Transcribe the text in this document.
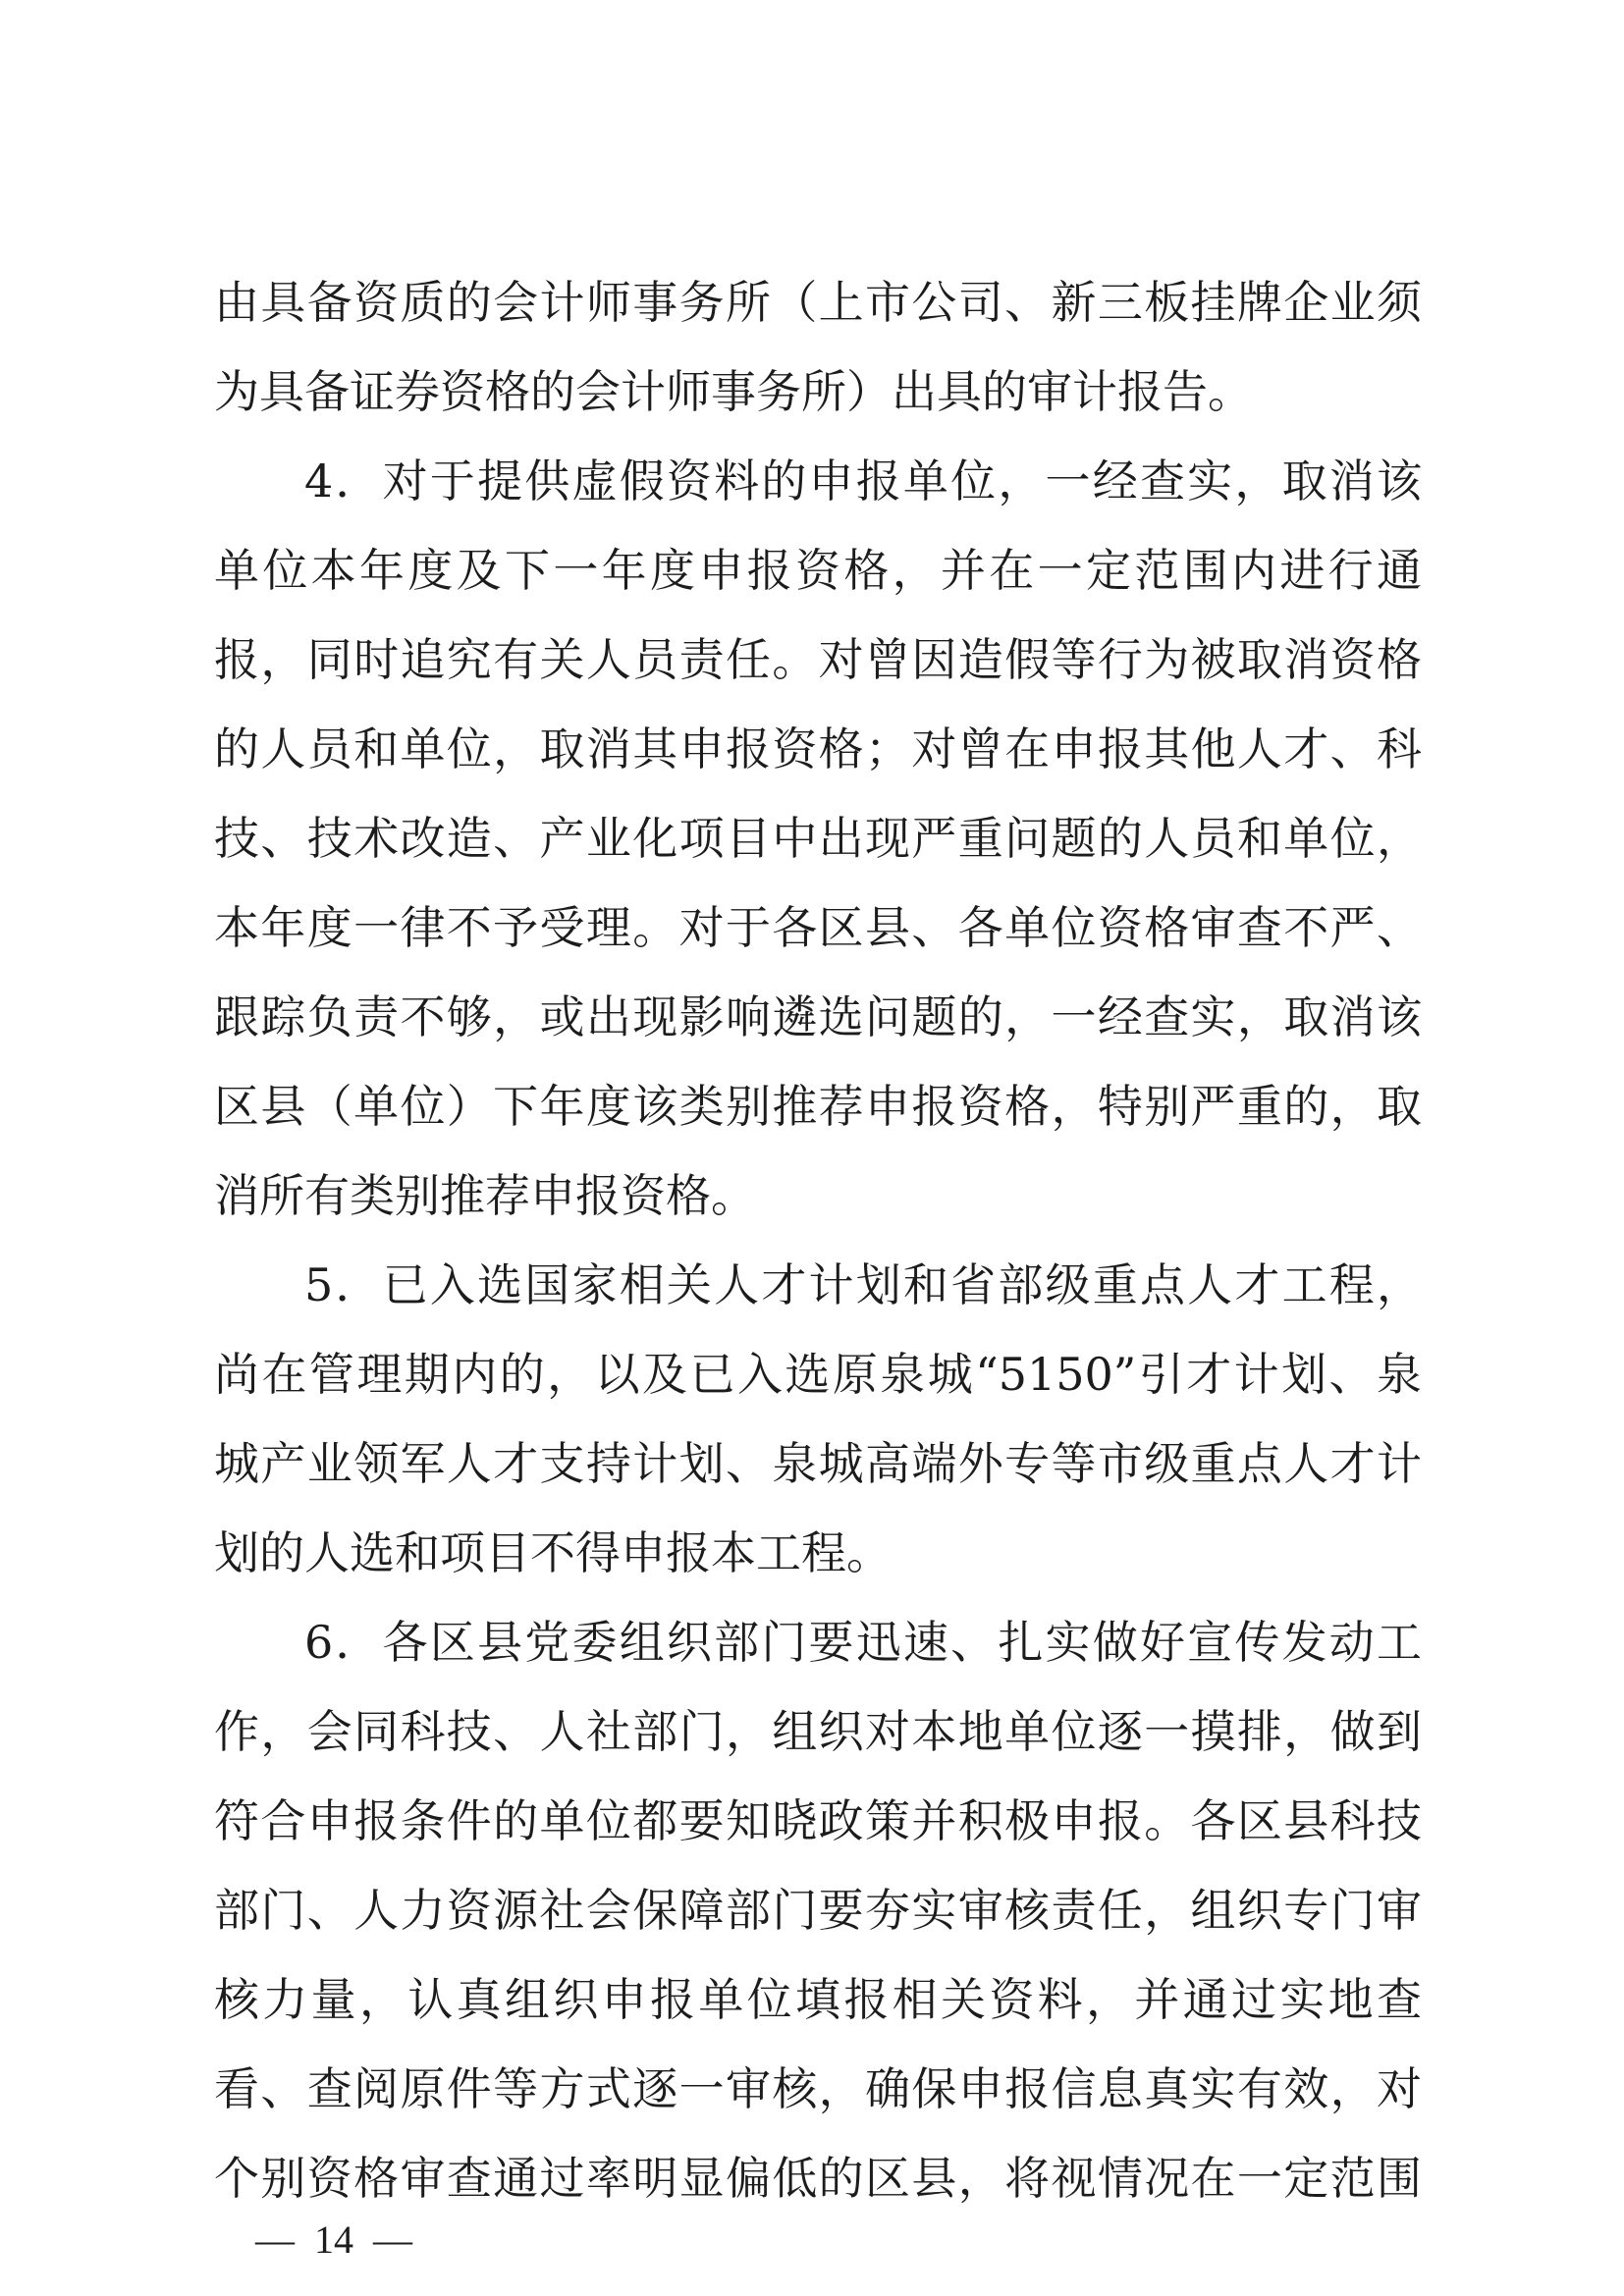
由具备资质的会计师事务所（上市公司、新三板挂牌企业须
为具备证券资格的会计师事务所）出具的审计报告。
4．对于提供虚假资料的申报单位，一经查实，取消该
单位本年度及下一年度申报资格，并在一定范围内进行通
报，同时追究有关人员责任。对曾因造假等行为被取消资格
的人员和单位，取消其申报资格；对曾在申报其他人才、科
技、技术改造、产业化项目中出现严重问题的人员和单位，
本年度一律不予受理。对于各区县、各单位资格审查不严、
跟踪负责不够，或出现影响遴选问题的，一经查实，取消该
区县（单位）下年度该类别推荐申报资格，特别严重的，取
消所有类别推荐申报资格。
5．已入选国家相关人才计划和省部级重点人才工程，
尚在管理期内的，以及已入选原泉城“5150”引才计划、泉
城产业领军人才支持计划、泉城高端外专等市级重点人才计
划的人选和项目不得申报本工程。
6．各区县党委组织部门要迅速、扎实做好宣传发动工
作，会同科技、人社部门，组织对本地单位逐一摸排，做到
符合申报条件的单位都要知晓政策并积极申报。各区县科技
部门、人力资源社会保障部门要夯实审核责任，组织专门审
核力量，认真组织申报单位填报相关资料，并通过实地查
看、查阅原件等方式逐一审核，确保申报信息真实有效，对
个别资格审查通过率明显偏低的区县，将视情况在一定范围
—  14  —
